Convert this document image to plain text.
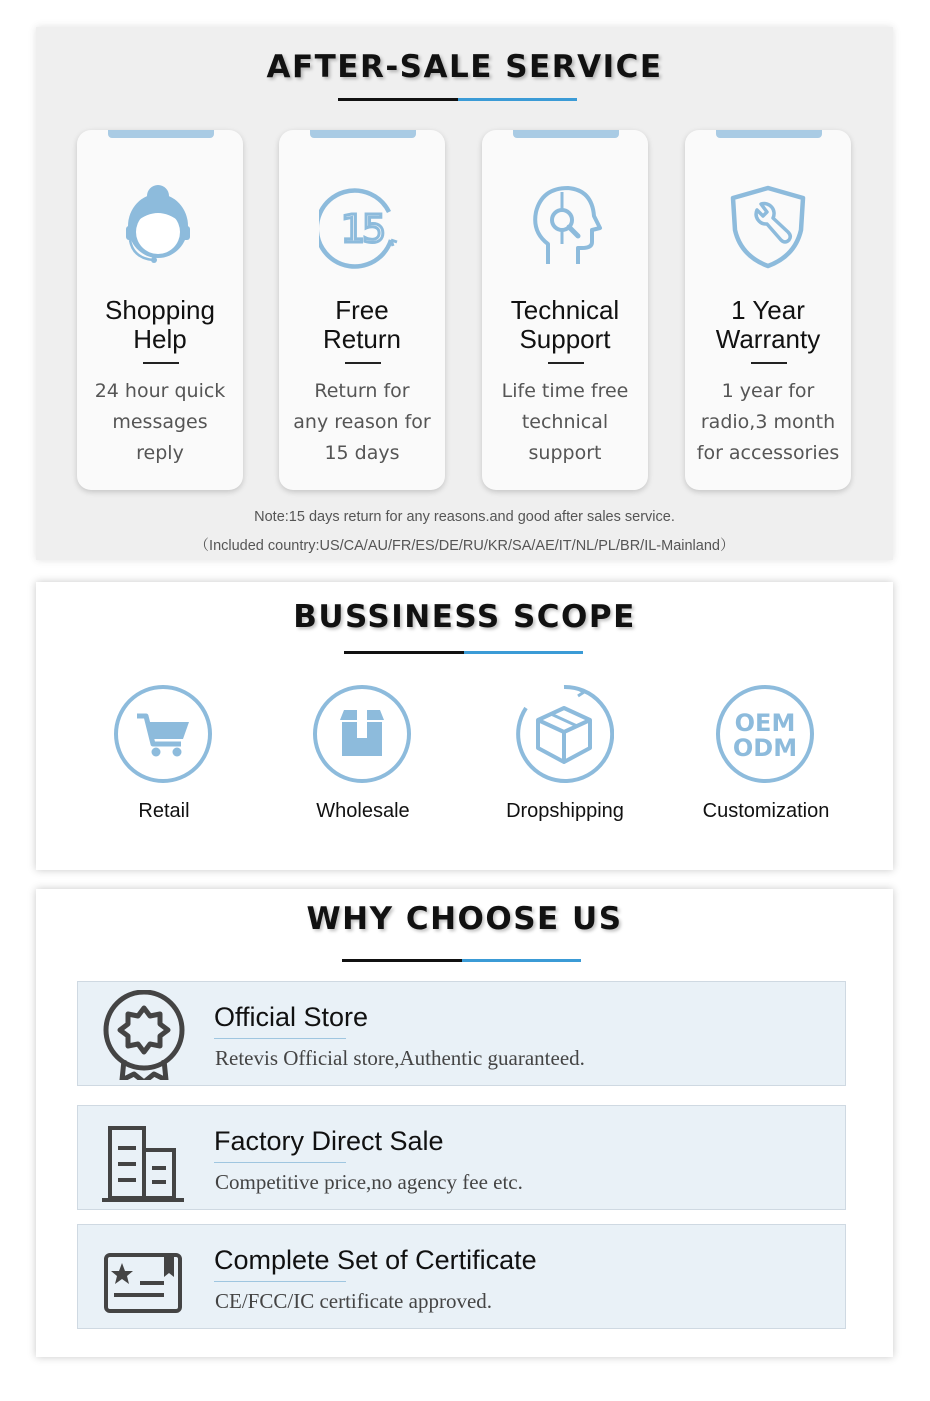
AFTER-SALE SERVICE
Shopping
Help
24 hour quick
messages
reply
15
Free
Return
Return for
any reason for
15 days
Technical
Support
Life time free
technical
support
1 Year
Warranty
1 year for
radio,3 month
for accessories

Note:15 days return for any reasons.and good after sales service.

（Included country:US/CA/AU/FR/ES/DE/RU/KR/SA/AE/IT/NL/PL/BR/IL-Mainland）

BUSSINESS SCOPE
Retail	Wholesale	Dropshipping
OEM
ODM
Customization
WHY CHOOSE US
Official Store
Retevis Official store,Authentic guaranteed.
Factory Direct Sale
Competitive price,no agency fee etc.
Complete Set of Certificate
CE/FCC/IC certificate approved.
